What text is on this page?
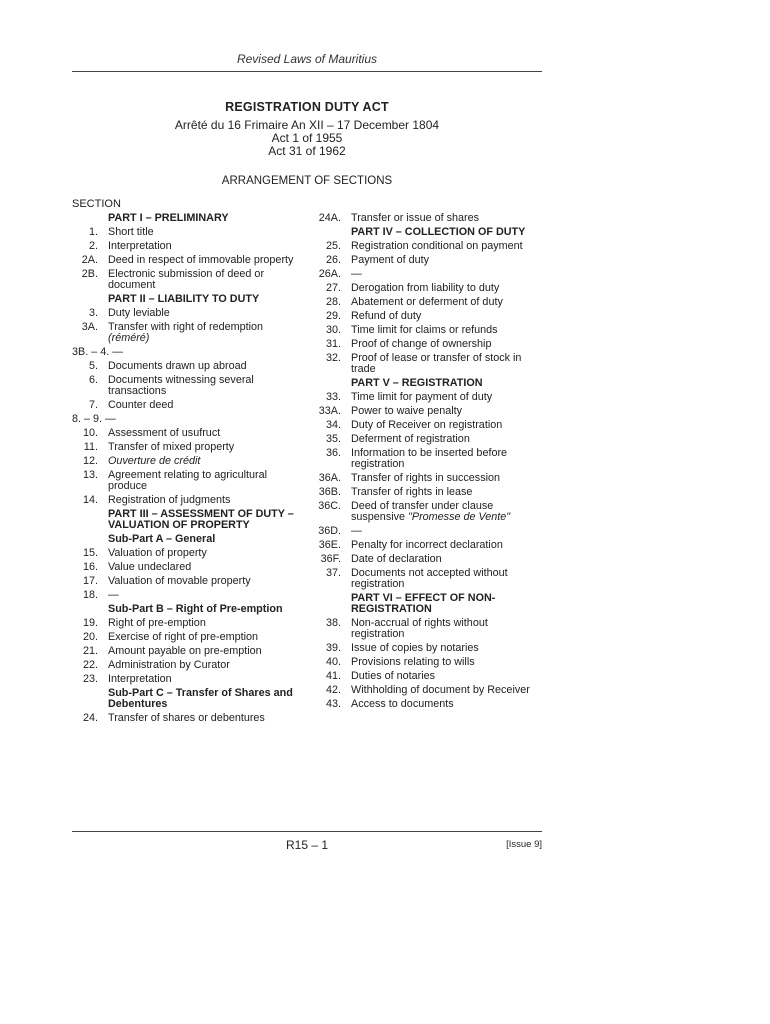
Revised Laws of Mauritius
REGISTRATION DUTY ACT
Arrêté du 16 Frimaire An XII – 17 December 1804
Act 1 of 1955
Act 31 of 1962
ARRANGEMENT OF SECTIONS
SECTION
PART I – PRELIMINARY
1. Short title
2. Interpretation
2A. Deed in respect of immovable property
2B. Electronic submission of deed or document
PART II – LIABILITY TO DUTY
3. Duty leviable
3A. Transfer with right of redemption (réméré)
3B. – 4. —
5. Documents drawn up abroad
6. Documents witnessing several transactions
7. Counter deed
8. – 9. —
10. Assessment of usufruct
11. Transfer of mixed property
12. Ouverture de crédit
13. Agreement relating to agricultural produce
14. Registration of judgments
PART III – ASSESSMENT OF DUTY – VALUATION OF PROPERTY
Sub-Part A – General
15. Valuation of property
16. Value undeclared
17. Valuation of movable property
18. —
Sub-Part B – Right of Pre-emption
19. Right of pre-emption
20. Exercise of right of pre-emption
21. Amount payable on pre-emption
22. Administration by Curator
23. Interpretation
Sub-Part C – Transfer of Shares and Debentures
24. Transfer of shares or debentures
24A. Transfer or issue of shares
PART IV – COLLECTION OF DUTY
25. Registration conditional on payment
26. Payment of duty
26A. —
27. Derogation from liability to duty
28. Abatement or deferment of duty
29. Refund of duty
30. Time limit for claims or refunds
31. Proof of change of ownership
32. Proof of lease or transfer of stock in trade
PART V – REGISTRATION
33. Time limit for payment of duty
33A. Power to waive penalty
34. Duty of Receiver on registration
35. Deferment of registration
36. Information to be inserted before registration
36A. Transfer of rights in succession
36B. Transfer of rights in lease
36C. Deed of transfer under clause suspensive "Promesse de Vente"
36D. —
36E. Penalty for incorrect declaration
36F. Date of declaration
37. Documents not accepted without registration
PART VI – EFFECT OF NON-REGISTRATION
38. Non-accrual of rights without registration
39. Issue of copies by notaries
40. Provisions relating to wills
41. Duties of notaries
42. Withholding of document by Receiver
43. Access to documents
R15 – 1	[Issue 9]
